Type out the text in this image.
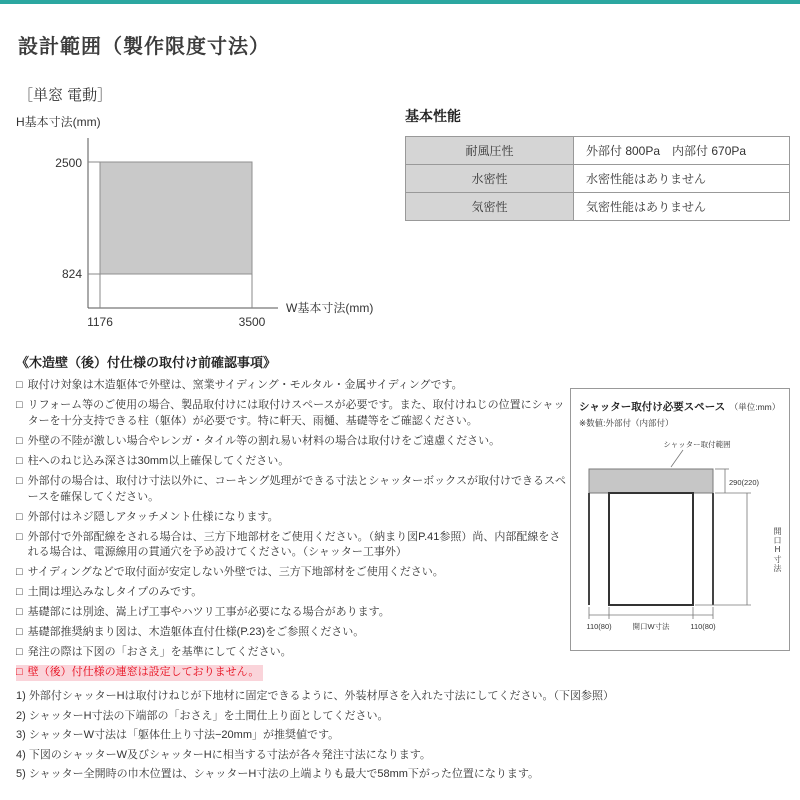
設計範囲（製作限度寸法）
［単窓 電動］
H基本寸法(mm)
2500
824
1176	3500
W基本寸法(mm)
基本性能
耐風圧性	外部付 800Pa　内部付 670Pa
水密性	水密性能はありません
気密性	気密性能はありません
《木造壁（後）付仕様の取付け前確認事項》
□ 取付け対象は木造躯体で外壁は、窯業サイディング・モルタル・金属サイディングです。
□ リフォーム等のご使用の場合、製品取付けには取付けスペースが必要です。また、取付けねじの位置にシャッターを十分支持できる柱（躯体）が必要です。特に軒天、雨樋、基礎等をご確認ください。
□ 外壁の不陸が激しい場合やレンガ・タイル等の割れ易い材料の場合は取付けをご遠慮ください。
□ 柱へのねじ込み深さは30mm以上確保してください。
□ 外部付の場合は、取付け寸法以外に、コーキング処理ができる寸法とシャッターボックスが取付けできるスペースを確保してください。
□ 外部付はネジ隠しアタッチメント仕様になります。
□ 外部付で外部配線をされる場合は、三方下地部材をご使用ください。（納まり図P.41参照）尚、内部配線をされる場合は、電源線用の貫通穴を予め設けてください。（シャッター工事外）
□ サイディングなどで取付面が安定しない外壁では、三方下地部材をご使用ください。
□ 土間は埋込みなしタイプのみです。
□ 基礎部には別途、嵩上げ工事やハツリ工事が必要になる場合があります。
□ 基礎部推奨納まり図は、木造躯体直付仕様(P.23)をご参照ください。
□ 発注の際は下図の「おさえ」を基準にしてください。
□ 壁（後）付仕様の連窓は設定しておりません。
シャッター取付け必要スペース （単位:mm）
※数値:外部付（内部付）
シャッター取付範囲
290(220)
110(80)	開口W寸法	110(80)
開口H寸法
1) 外部付シャッターHは取付けねじが下地材に固定できるように、外装材厚さを入れた寸法にしてください。（下図参照）
2) シャッターH寸法の下端部の「おさえ」を土間仕上り面としてください。
3) シャッターW寸法は「躯体仕上り寸法−20mm」が推奨値です。
4) 下図のシャッターW及びシャッターHに相当する寸法が各々発注寸法になります。
5) シャッター全開時の巾木位置は、シャッターH寸法の上端よりも最大で58mm下がった位置になります。
